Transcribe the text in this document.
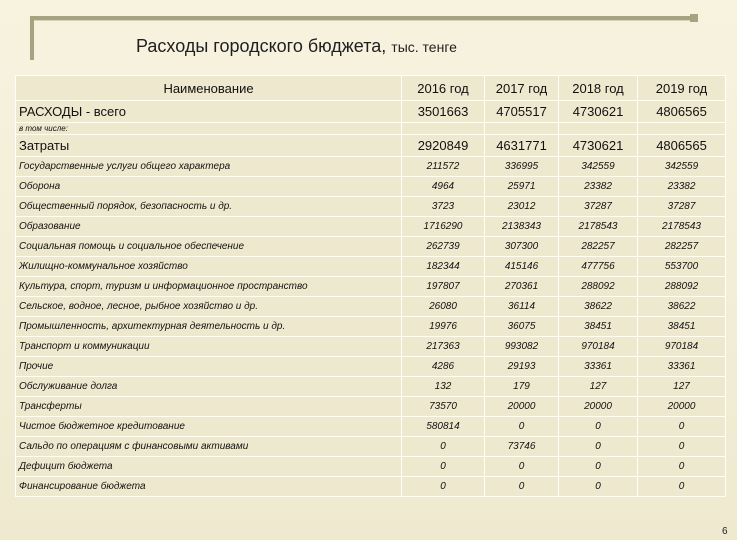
Расходы городского бюджета, тыс. тенге
Наименование	2016 год	2017 год	2018 год	2019 год
РАСХОДЫ - всего	3501663	4705517	4730621	4806565
в том числе:				
Затраты	2920849	4631771	4730621	4806565
Государственные услуги общего характера	211572	336995	342559	342559
Оборона	4964	25971	23382	23382
Общественный порядок, безопасность и др.	3723	23012	37287	37287
Образование	1716290	2138343	2178543	2178543
Социальная помощь и социальное обеспечение	262739	307300	282257	282257
Жилищно-коммунальное хозяйство	182344	415146	477756	553700
Культура, спорт, туризм и информационное пространство	197807	270361	288092	288092
Сельское, водное, лесное, рыбное хозяйство и др.	26080	36114	38622	38622
Промышленность, архитектурная деятельность и др.	19976	36075	38451	38451
Транспорт и коммуникации	217363	993082	970184	970184
Прочие	4286	29193	33361	33361
Обслуживание долга	132	179	127	127
Трансферты	73570	20000	20000	20000
Чистое бюджетное кредитование	580814	0	0	0
Сальдо по операциям с финансовыми активами	0	73746	0	0
Дефицит бюджета	0	0	0	0
Финансирование бюджета	0	0	0	0
6
